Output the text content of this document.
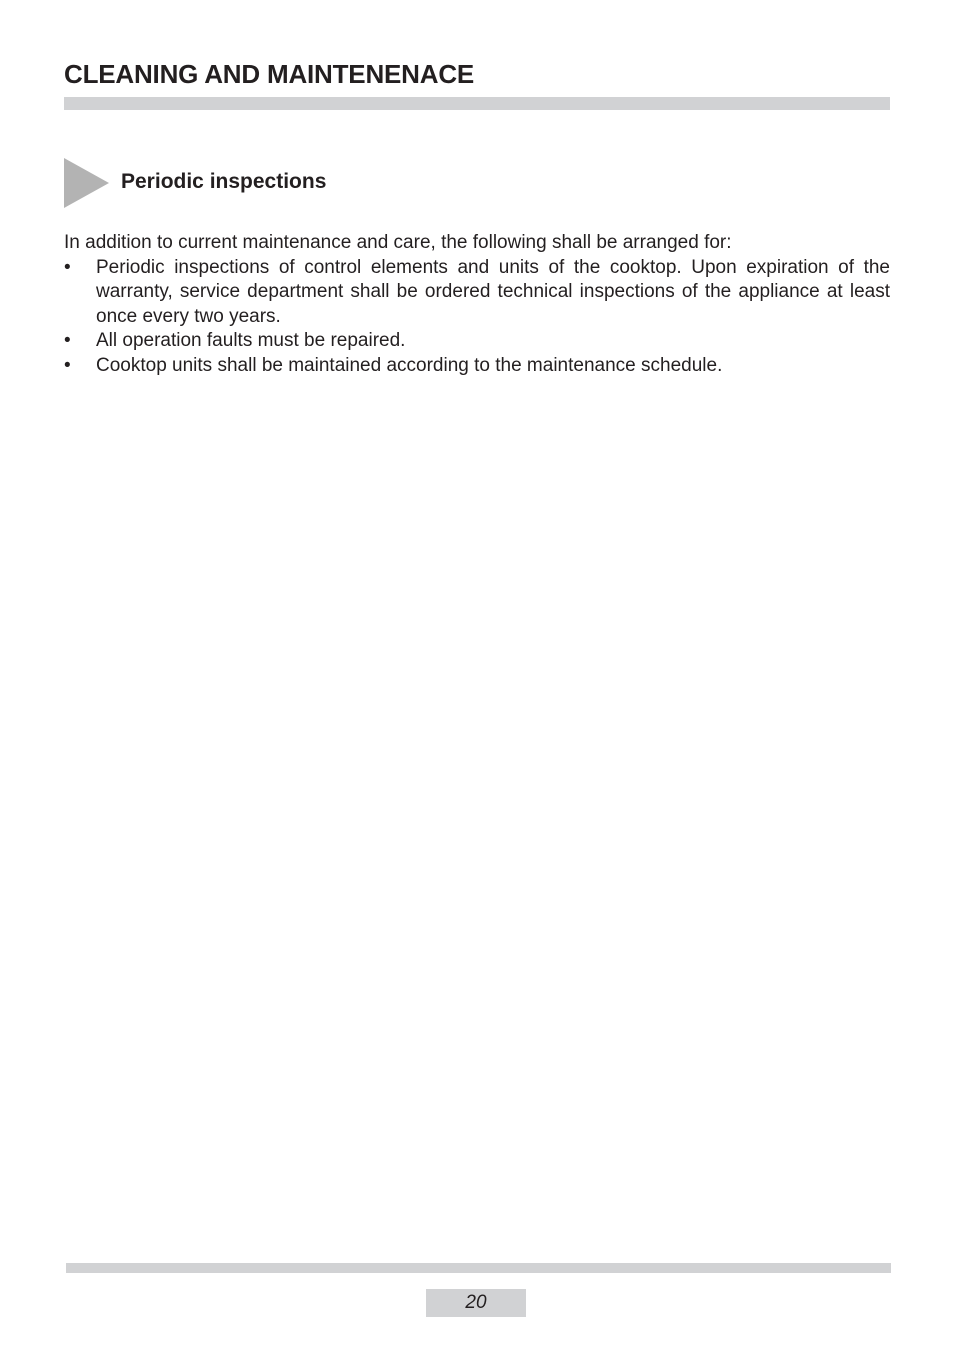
CLEANING AND MAINTENENACE
Periodic inspections

In addition to current maintenance and care, the following shall be arranged for:

• Periodic inspections of control elements and units of the cooktop. Upon expiration of the warranty, service department shall be ordered technical inspections of the appliance at least once every two years.
• All operation faults must be repaired.
• Cooktop units shall be maintained according to the maintenance schedule.
20
